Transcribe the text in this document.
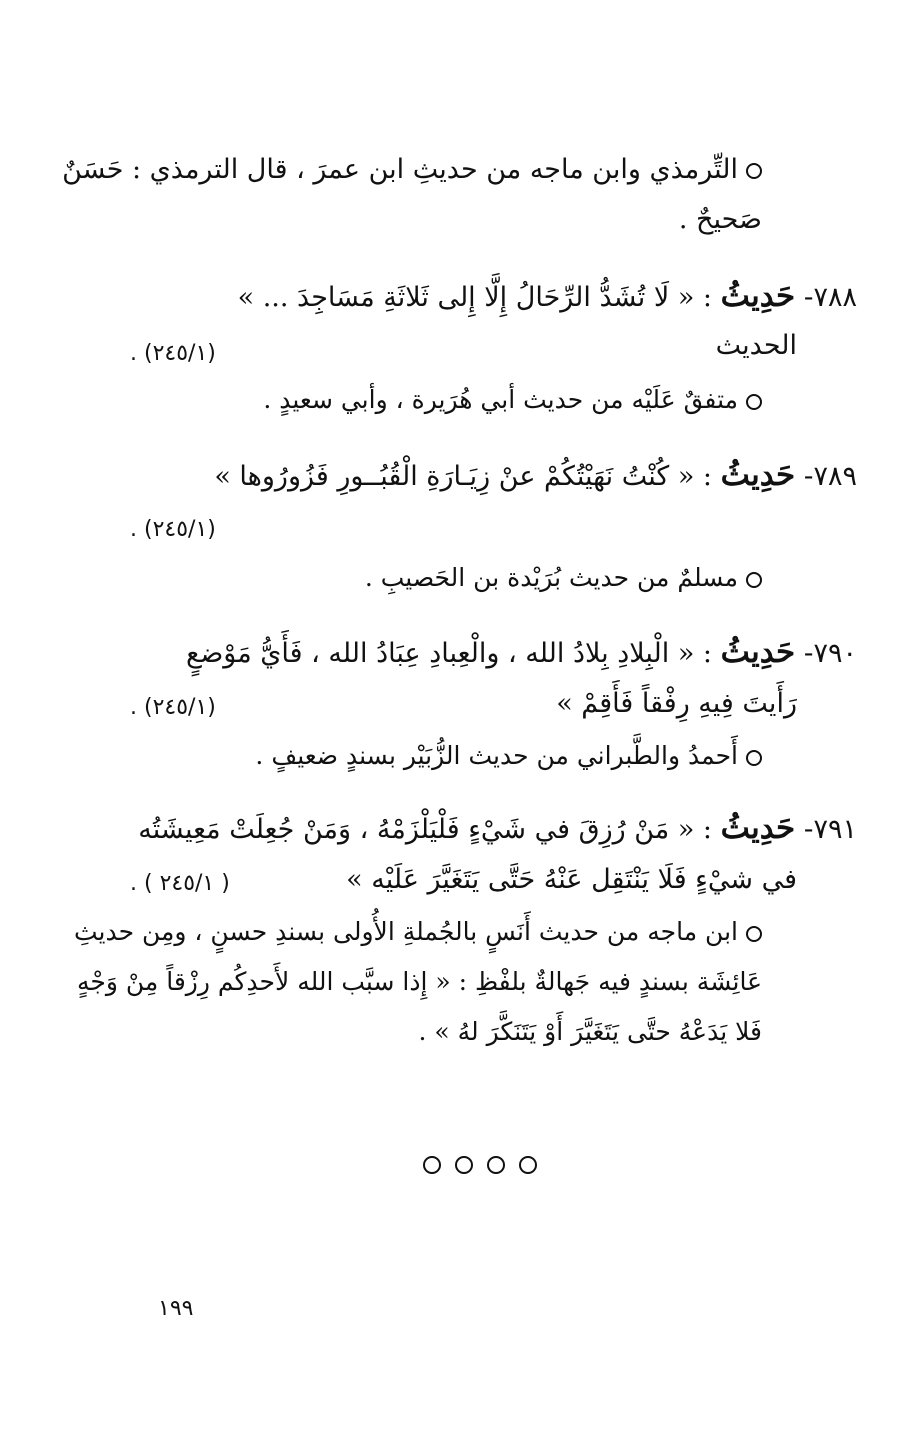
التِّرمذي وابن ماجه من حديثِ ابن عمرَ ، قال الترمذي : حَسَنٌ
صَحيحٌ .
٧٨٨- حَدِيثُ : « لَا تُشَدُّ الرِّحَالُ إِلَّا إِلى ثَلاثَةِ مَسَاجِدَ ... »
الحديث
(٢٤٥/١) .
متفقٌ عَلَيْه من حديث أبي هُرَيرة ، وأبي سعيدٍ .
٧٨٩- حَدِيثُ : « كُنْتُ نَهَيْتُكُمْ عنْ زِيَـارَةِ الْقُبُــورِ فَزُورُوها »
(٢٤٥/١) .
مسلمٌ من حديث بُرَيْدة بن الحَصيبِ .
٧٩٠- حَدِيثُ : « الْبِلادِ بِلادُ الله ، والْعِبادِ عِبَادُ الله ، فَأَيُّ مَوْضعٍ
رَأَيتَ فِيهِ رِفْقاً فَأَقِمْ »
(٢٤٥/١) .
أَحمدُ والطَّبراني من حديث الزُّبَيْر بسندٍ ضعيفٍ .
٧٩١- حَدِيثُ : « مَنْ رُزِقَ في شَيْءٍ فَلْيَلْزَمْهُ ، وَمَنْ جُعِلَتْ مَعِيشَتُه
في شيْءٍ فَلَا يَنْتَقِل عَنْهُ حَتَّى يَتَغَيَّرَ عَلَيْه »
( ٢٤٥/١ ) .
ابن ماجه من حديث أَنَسٍ بالجُملةِ الأُولى بسندِ حسنٍ ، ومِن حديثِ
عَائِشَة بسندٍ فيه جَهالةٌ بلفْظِ : « إِذا سبَّب الله لأَحدِكُم رِزْقاً مِنْ وَجْهٍ
فَلا يَدَعْهُ حتَّى يَتَغَيَّرَ أَوْ يَتَنَكَّرَ لهُ » .
١٩٩
